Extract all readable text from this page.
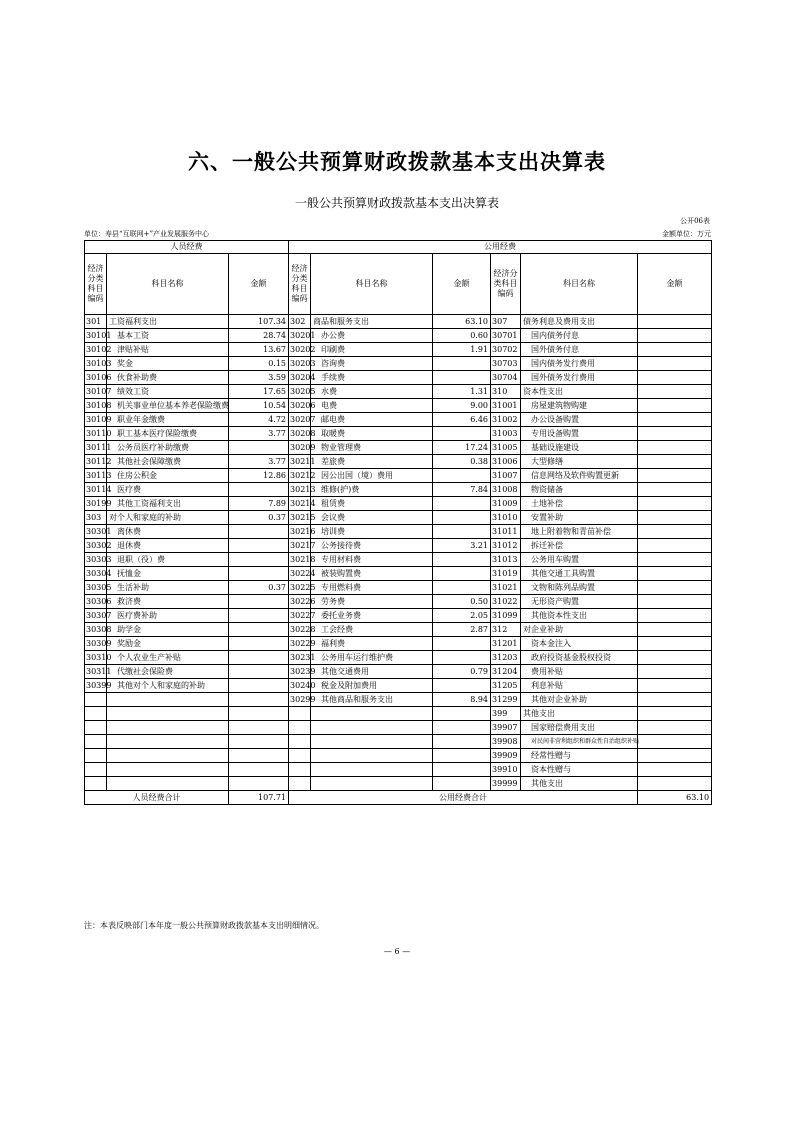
六、一般公共预算财政拨款基本支出决算表
一般公共预算财政拨款基本支出决算表
公开06表
单位：寿县“互联网+”产业发展服务中心	金额单位：万元
人员经费			公用经费					
经济分类科目编码	科目名称	金额	经济分类科目编码	科目名称	金额	经济分类科目编码	科目名称	金额
301	工资福利支出	107.34	302	商品和服务支出	63.10	307	债务利息及费用支出	
30101	基本工资	28.74	30201	办公费	0.60	30701	国内债务付息	
30102	津贴补贴	13.67	30202	印刷费	1.91	30702	国外债务付息	
30103	奖金	0.15	30203	咨询费		30703	国内债务发行费用	
30106	伙食补助费	3.59	30204	手续费		30704	国外债务发行费用	
30107	绩效工资	17.65	30205	水费	1.31	310	资本性支出	
30108	机关事业单位基本养老保险缴费	10.54	30206	电费	9.00	31001	房屋建筑物购建	
30109	职业年金缴费	4.72	30207	邮电费	6.46	31002	办公设备购置	
30110	职工基本医疗保险缴费	3.77	30208	取暖费		31003	专用设备购置	
30111	公务员医疗补助缴费		30209	物业管理费	17.24	31005	基础设施建设	
30112	其他社会保障缴费	3.77	30211	差旅费	0.38	31006	大型修缮	
30113	住房公积金	12.86	30212	因公出国（境）费用		31007	信息网络及软件购置更新	
30114	医疗费		30213	维修(护)费	7.84	31008	物资储备	
30199	其他工资福利支出	7.89	30214	租赁费		31009	土地补偿	
303	对个人和家庭的补助	0.37	30215	会议费		31010	安置补助	
30301	离休费		30216	培训费		31011	地上附着物和青苗补偿	
30302	退休费		30217	公务接待费	3.21	31012	拆迁补偿	
30303	退职（役）费		30218	专用材料费		31013	公务用车购置	
30304	抚恤金		30224	被装购置费		31019	其他交通工具购置	
30305	生活补助	0.37	30225	专用燃料费		31021	文物和陈列品购置	
30306	救济费		30226	劳务费	0.50	31022	无形资产购置	
30307	医疗费补助		30227	委托业务费	2.05	31099	其他资本性支出	
30308	助学金		30228	工会经费	2.87	312	对企业补助	
30309	奖励金		30229	福利费		31201	资本金注入	
30310	个人农业生产补贴		30231	公务用车运行维护费		31203	政府投资基金股权投资	
30311	代缴社会保险费		30239	其他交通费用	0.79	31204	费用补贴	
30399	其他对个人和家庭的补助		30240	税金及附加费用		31205	利息补贴	
			30299	其他商品和服务支出	8.94	31299	其他对企业补助	
						399	其他支出	
						39907	国家赔偿费用支出	
						39908	对民间非营利组织和群众性自治组织补贴	
						39909	经常性赠与	
						39910	资本性赠与	
						39999	其他支出	
人员经费合计		107.71	公用经费合计					63.10
注：本表反映部门本年度一般公共预算财政拨款基本支出明细情况。
— 6 —
